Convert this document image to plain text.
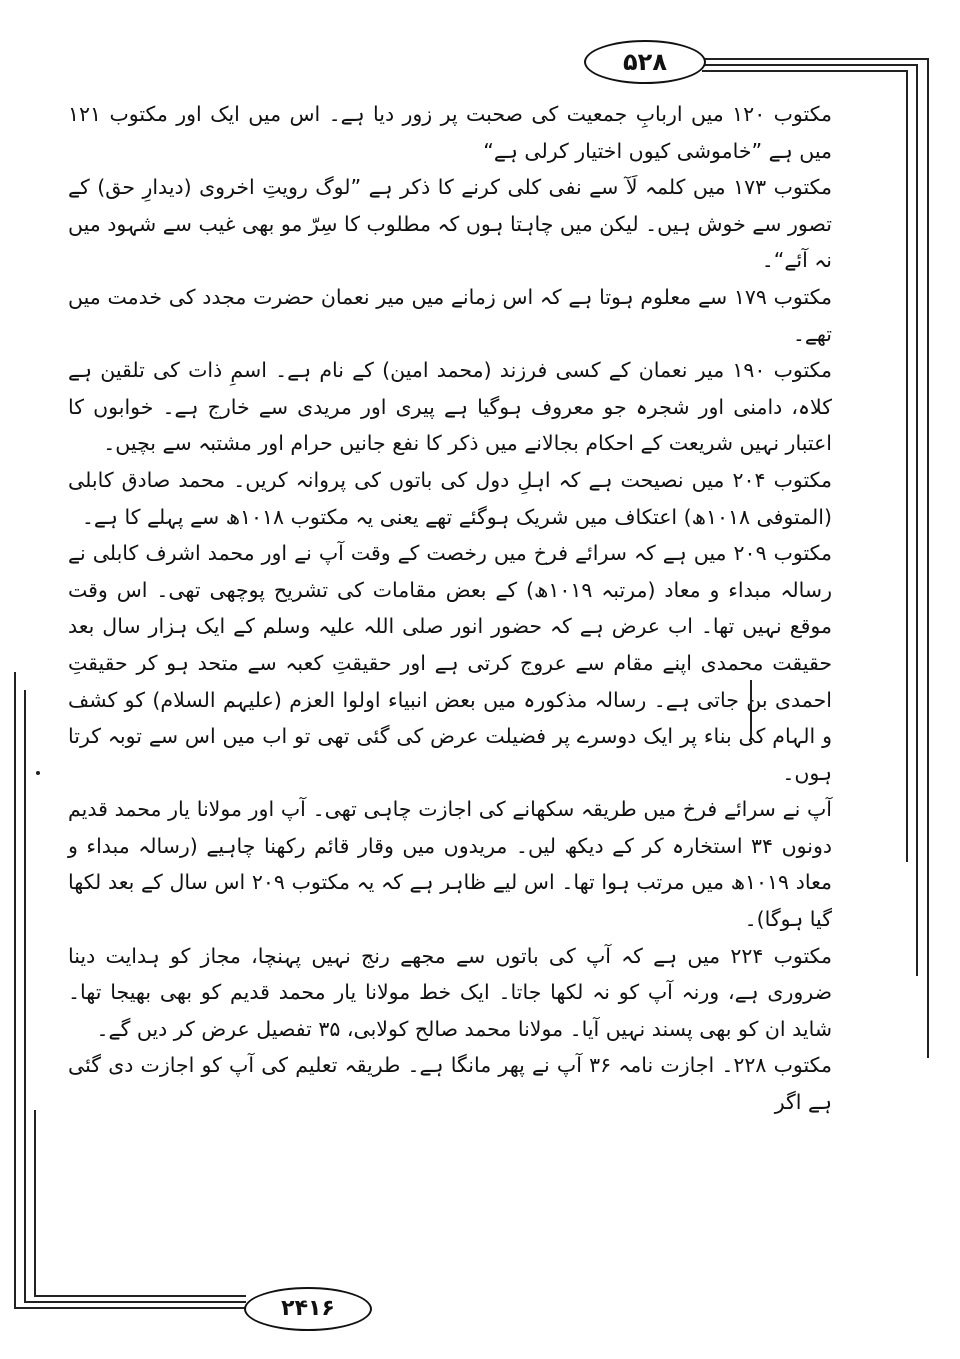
۵۲۸
۲۴۱۶

مکتوب ۱۲۰ میں اربابِ جمعیت کی صحبت پر زور دیا ہے۔ اس میں ایک اور مکتوب ۱۲۱ میں ہے ”خاموشی کیوں اختیار کرلی ہے“

مکتوب ۱۷۳ میں کلمہ لَآ سے نفی کلی کرنے کا ذکر ہے ”لوگ رویتِ اخروی (دیدارِ حق) کے تصور سے خوش ہیں۔ لیکن میں چاہتا ہوں کہ مطلوب کا سِرّ مو بھی غیب سے شہود میں نہ آئے“۔

مکتوب ۱۷۹ سے معلوم ہوتا ہے کہ اس زمانے میں میر نعمان حضرت مجدد کی خدمت میں تھے۔

مکتوب ۱۹۰ میر نعمان کے کسی فرزند (محمد امین) کے نام ہے۔ اسمِ ذات کی تلقین ہے کلاہ، دامنی اور شجرہ جو معروف ہوگیا ہے پیری اور مریدی سے خارج ہے۔ خوابوں کا اعتبار نہیں شریعت کے احکام بجالانے میں ذکر کا نفع جانیں حرام اور مشتبہ سے بچیں۔

مکتوب ۲۰۴ میں نصیحت ہے کہ اہلِ دول کی باتوں کی پروانہ کریں۔ محمد صادق کابلی (المتوفی ۱۰۱۸ھ) اعتکاف میں شریک ہوگئے تھے یعنی یہ مکتوب ۱۰۱۸ھ سے پہلے کا ہے۔

مکتوب ۲۰۹ میں ہے کہ سرائے فرخ میں رخصت کے وقت آپ نے اور محمد اشرف کابلی نے رسالہ مبداء و معاد (مرتبہ ۱۰۱۹ھ) کے بعض مقامات کی تشریح پوچھی تھی۔ اس وقت موقع نہیں تھا۔ اب عرض ہے کہ حضور انور صلی اللہ علیہ وسلم کے ایک ہزار سال بعد حقیقت محمدی اپنے مقام سے عروج کرتی ہے اور حقیقتِ کعبہ سے متحد ہو کر حقیقتِ احمدی بن جاتی ہے۔ رسالہ مذکورہ میں بعض انبیاء اولوا العزم (علیہم السلام) کو کشف و الہام کی بناء پر ایک دوسرے پر فضیلت عرض کی گئی تھی تو اب میں اس سے توبہ کرتا ہوں۔

آپ نے سرائے فرخ میں طریقہ سکھانے کی اجازت چاہی تھی۔ آپ اور مولانا یار محمد قدیم دونوں ۳۴ استخارہ کر کے دیکھ لیں۔ مریدوں میں وقار قائم رکھنا چاہیے (رسالہ مبداء و معاد ۱۰۱۹ھ میں مرتب ہوا تھا۔ اس لیے ظاہر ہے کہ یہ مکتوب ۲۰۹ اس سال کے بعد لکھا گیا ہوگا)۔

مکتوب ۲۲۴ میں ہے کہ آپ کی باتوں سے مجھے رنج نہیں پہنچا، مجاز کو ہدایت دینا ضروری ہے، ورنہ آپ کو نہ لکھا جاتا۔ ایک خط مولانا یار محمد قدیم کو بھی بھیجا تھا۔ شاید ان کو بھی پسند نہیں آیا۔ مولانا محمد صالح کولابی، ۳۵ تفصیل عرض کر دیں گے۔

مکتوب ۲۲۸۔ اجازت نامہ ۳۶ آپ نے پھر مانگا ہے۔ طریقہ تعلیم کی آپ کو اجازت دی گئی ہے اگر
